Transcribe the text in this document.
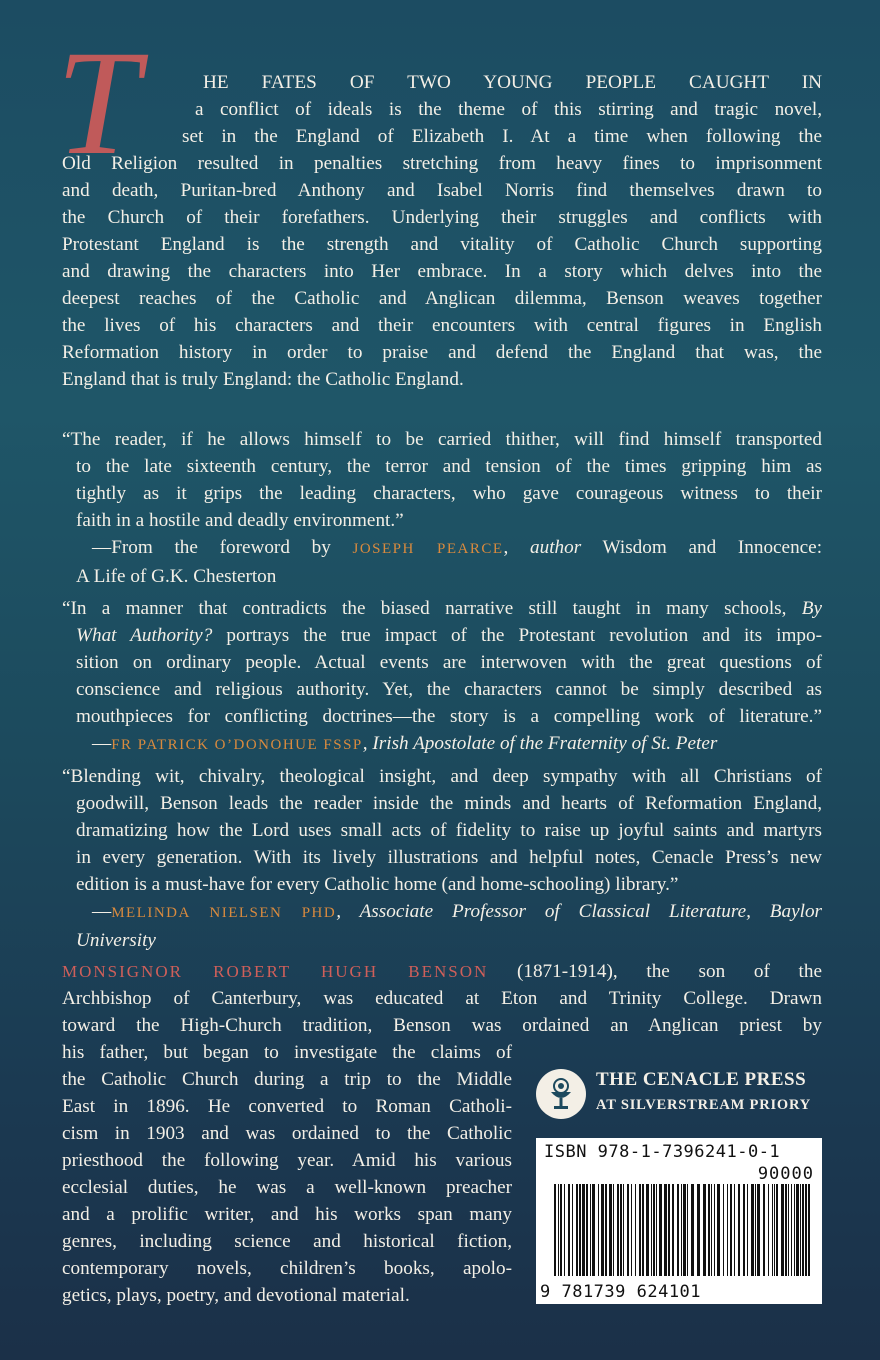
T	HE FATES OF TWO YOUNG PEOPLE CAUGHT IN
a conflict of ideals is the theme of this stirring and tragic novel,
set in the England of Elizabeth I. At a time when following the
Old Religion resulted in penalties stretching from heavy fines to imprisonment
and death, Puritan-bred Anthony and Isabel Norris find themselves drawn to
the Church of their forefathers. Underlying their struggles and conflicts with
Protestant England is the strength and vitality of Catholic Church supporting
and drawing the characters into Her embrace. In a story which delves into the
deepest reaches of the Catholic and Anglican dilemma, Benson weaves together
the lives of his characters and their encounters with central figures in English
Reformation history in order to praise and defend the England that was, the
England that is truly England: the Catholic England.
“The reader, if he allows himself to be carried thither, will find himself transported
to the late sixteenth century, the terror and tension of the times gripping him as
tightly as it grips the leading characters, who gave courageous witness to their
faith in a hostile and deadly environment.”
—From the foreword by JOSEPH PEARCE, author Wisdom and Innocence:
A Life of G.K. Chesterton
“In a manner that contradicts the biased narrative still taught in many schools, By
What Authority? portrays the true impact of the Protestant revolution and its impo-
sition on ordinary people. Actual events are interwoven with the great questions of
conscience and religious authority. Yet, the characters cannot be simply described as
mouthpieces for conflicting doctrines—the story is a compelling work of literature.”
—FR PATRICK O’DONOHUE FSSP, Irish Apostolate of the Fraternity of St. Peter
“Blending wit, chivalry, theological insight, and deep sympathy with all Christians of
goodwill, Benson leads the reader inside the minds and hearts of Reformation England,
dramatizing how the Lord uses small acts of fidelity to raise up joyful saints and martyrs
in every generation. With its lively illustrations and helpful notes, Cenacle Press’s new
edition is a must-have for every Catholic home (and home-schooling) library.”
—MELINDA NIELSEN PHD, Associate Professor of Classical Literature, Baylor
University
MONSIGNOR ROBERT HUGH BENSON (1871-1914), the son of the
Archbishop of Canterbury, was educated at Eton and Trinity College. Drawn
toward the High-Church tradition, Benson was ordained an Anglican priest by
his father, but began to investigate the claims of
the Catholic Church during a trip to the Middle
East in 1896. He converted to Roman Catholi-
cism in 1903 and was ordained to the Catholic
priesthood the following year. Amid his various
ecclesial duties, he was a well-known preacher
and a prolific writer, and his works span many
genres, including science and historical fiction,
contemporary novels, children’s books, apolo-
getics, plays, poetry, and devotional material.
THE CENACLE PRESS
AT SILVERSTREAM PRIORY
ISBN 978-1-7396241-0-1
90000
9 781739 624101
